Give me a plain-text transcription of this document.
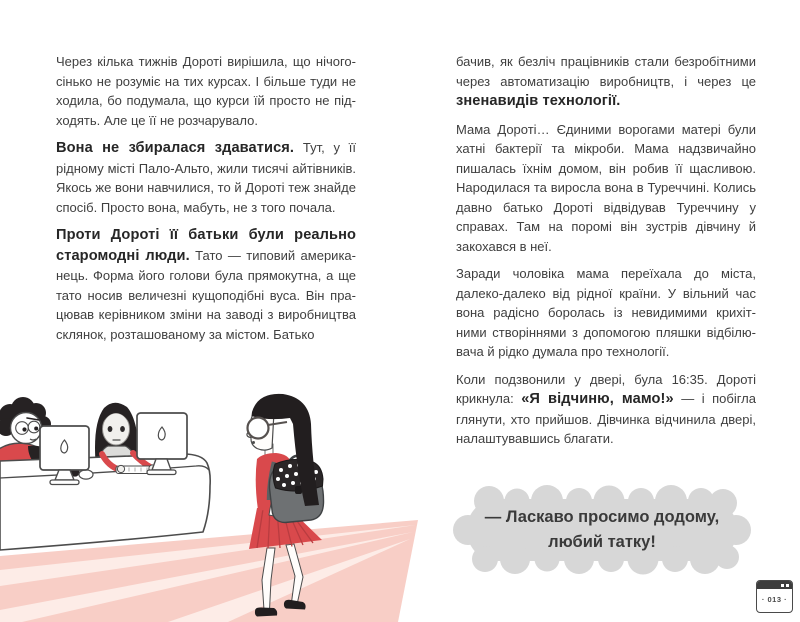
Через кілька тижнів Дороті вирішила, що нічогосінько не розуміє на тих курсах. І більше туди не ходила, бо подумала, що курси їй просто не підходять. Але це її не розчарувало.

Вона не збиралася здаватися. Тут, у її рідному місті Пало-Альто, жили тисячі айтівників. Якось же вони навчилися, то й Дороті теж знайде спосіб. Просто вона, мабуть, не з того почала.

Проти Дороті її батьки були реально старомодні люди. Тато — типовий американець. Форма його голови була прямокутна, а ще тато носив величезні кущоподібні вуса. Він працював керівником зміни на заводі з виробництва склянок, розташованому за містом. Батько

бачив, як безліч працівників стали безробітними через автоматизацію виробництв, і через це зненавидів технології.

Мама Дороті… Єдиними ворогами матері були хатні бактерії та мікроби. Мама надзвичайно пишалась їхнім домом, він робив її щасливою. Народилася та виросла вона в Туреччині. Колись давно батько Дороті відвідував Туреччину у справах. Там на поромі він зустрів дівчину й закохався в неї.

Заради чоловіка мама переїхала до міста, далеко-далеко від рідної країни. У вільний час вона радісно боролась із невидимими крихітними створіннями з допомогою пляшки відбілювача й рідко думала про технології.

Коли подзвонили у двері, була 16:35. Дороті крикнула: «Я відчиню, мамо!» — і побігла глянути, хто прийшов. Дівчинка відчинила двері, налаштувавшись благати.

— Ласкаво просимо додому,
любий татку!
· 013 ·
